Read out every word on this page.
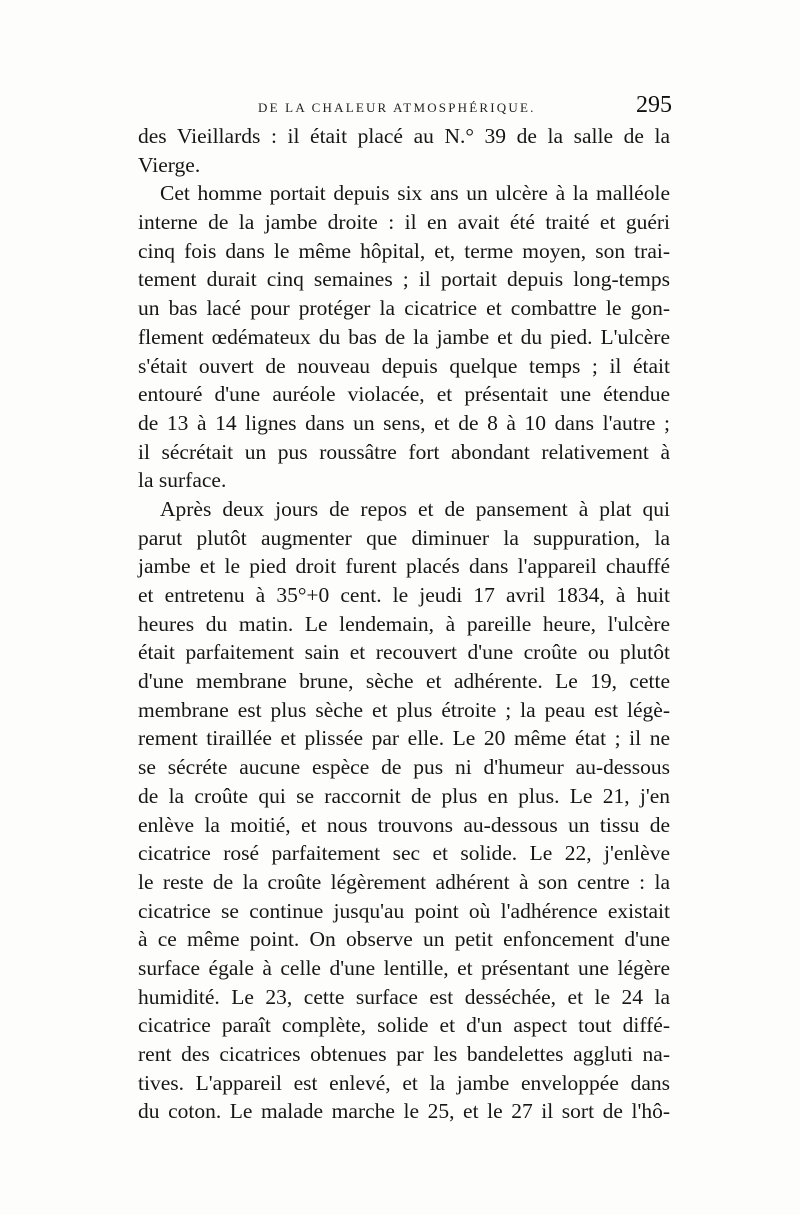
DE LA CHALEUR ATMOSPHÉRIQUE.	295
des Vieillards : il était placé au N.° 39 de la salle de la
Vierge.
Cet homme portait depuis six ans un ulcère à la malléole
interne de la jambe droite : il en avait été traité et guéri
cinq fois dans le même hôpital, et, terme moyen, son trai-
tement durait cinq semaines ; il portait depuis long-temps
un bas lacé pour protéger la cicatrice et combattre le gon-
flement œdémateux du bas de la jambe et du pied. L'ulcère
s'était ouvert de nouveau depuis quelque temps ; il était
entouré d'une auréole violacée, et présentait une étendue
de 13 à 14 lignes dans un sens, et de 8 à 10 dans l'autre ;
il sécrétait un pus roussâtre fort abondant relativement à
la surface.
Après deux jours de repos et de pansement à plat qui
parut plutôt augmenter que diminuer la suppuration, la
jambe et le pied droit furent placés dans l'appareil chauffé
et entretenu à 35°+0 cent. le jeudi 17 avril 1834, à huit
heures du matin. Le lendemain, à pareille heure, l'ulcère
était parfaitement sain et recouvert d'une croûte ou plutôt
d'une membrane brune, sèche et adhérente. Le 19, cette
membrane est plus sèche et plus étroite ; la peau est légè-
rement tiraillée et plissée par elle. Le 20 même état ; il ne
se sécréte aucune espèce de pus ni d'humeur au-dessous
de la croûte qui se raccornit de plus en plus. Le 21, j'en
enlève la moitié, et nous trouvons au-dessous un tissu de
cicatrice rosé parfaitement sec et solide. Le 22, j'enlève
le reste de la croûte légèrement adhérent à son centre : la
cicatrice se continue jusqu'au point où l'adhérence existait
à ce même point. On observe un petit enfoncement d'une
surface égale à celle d'une lentille, et présentant une légère
humidité. Le 23, cette surface est desséchée, et le 24 la
cicatrice paraît complète, solide et d'un aspect tout diffé-
rent des cicatrices obtenues par les bandelettes aggluti na-
tives. L'appareil est enlevé, et la jambe enveloppée dans
du coton. Le malade marche le 25, et le 27 il sort de l'hô-
